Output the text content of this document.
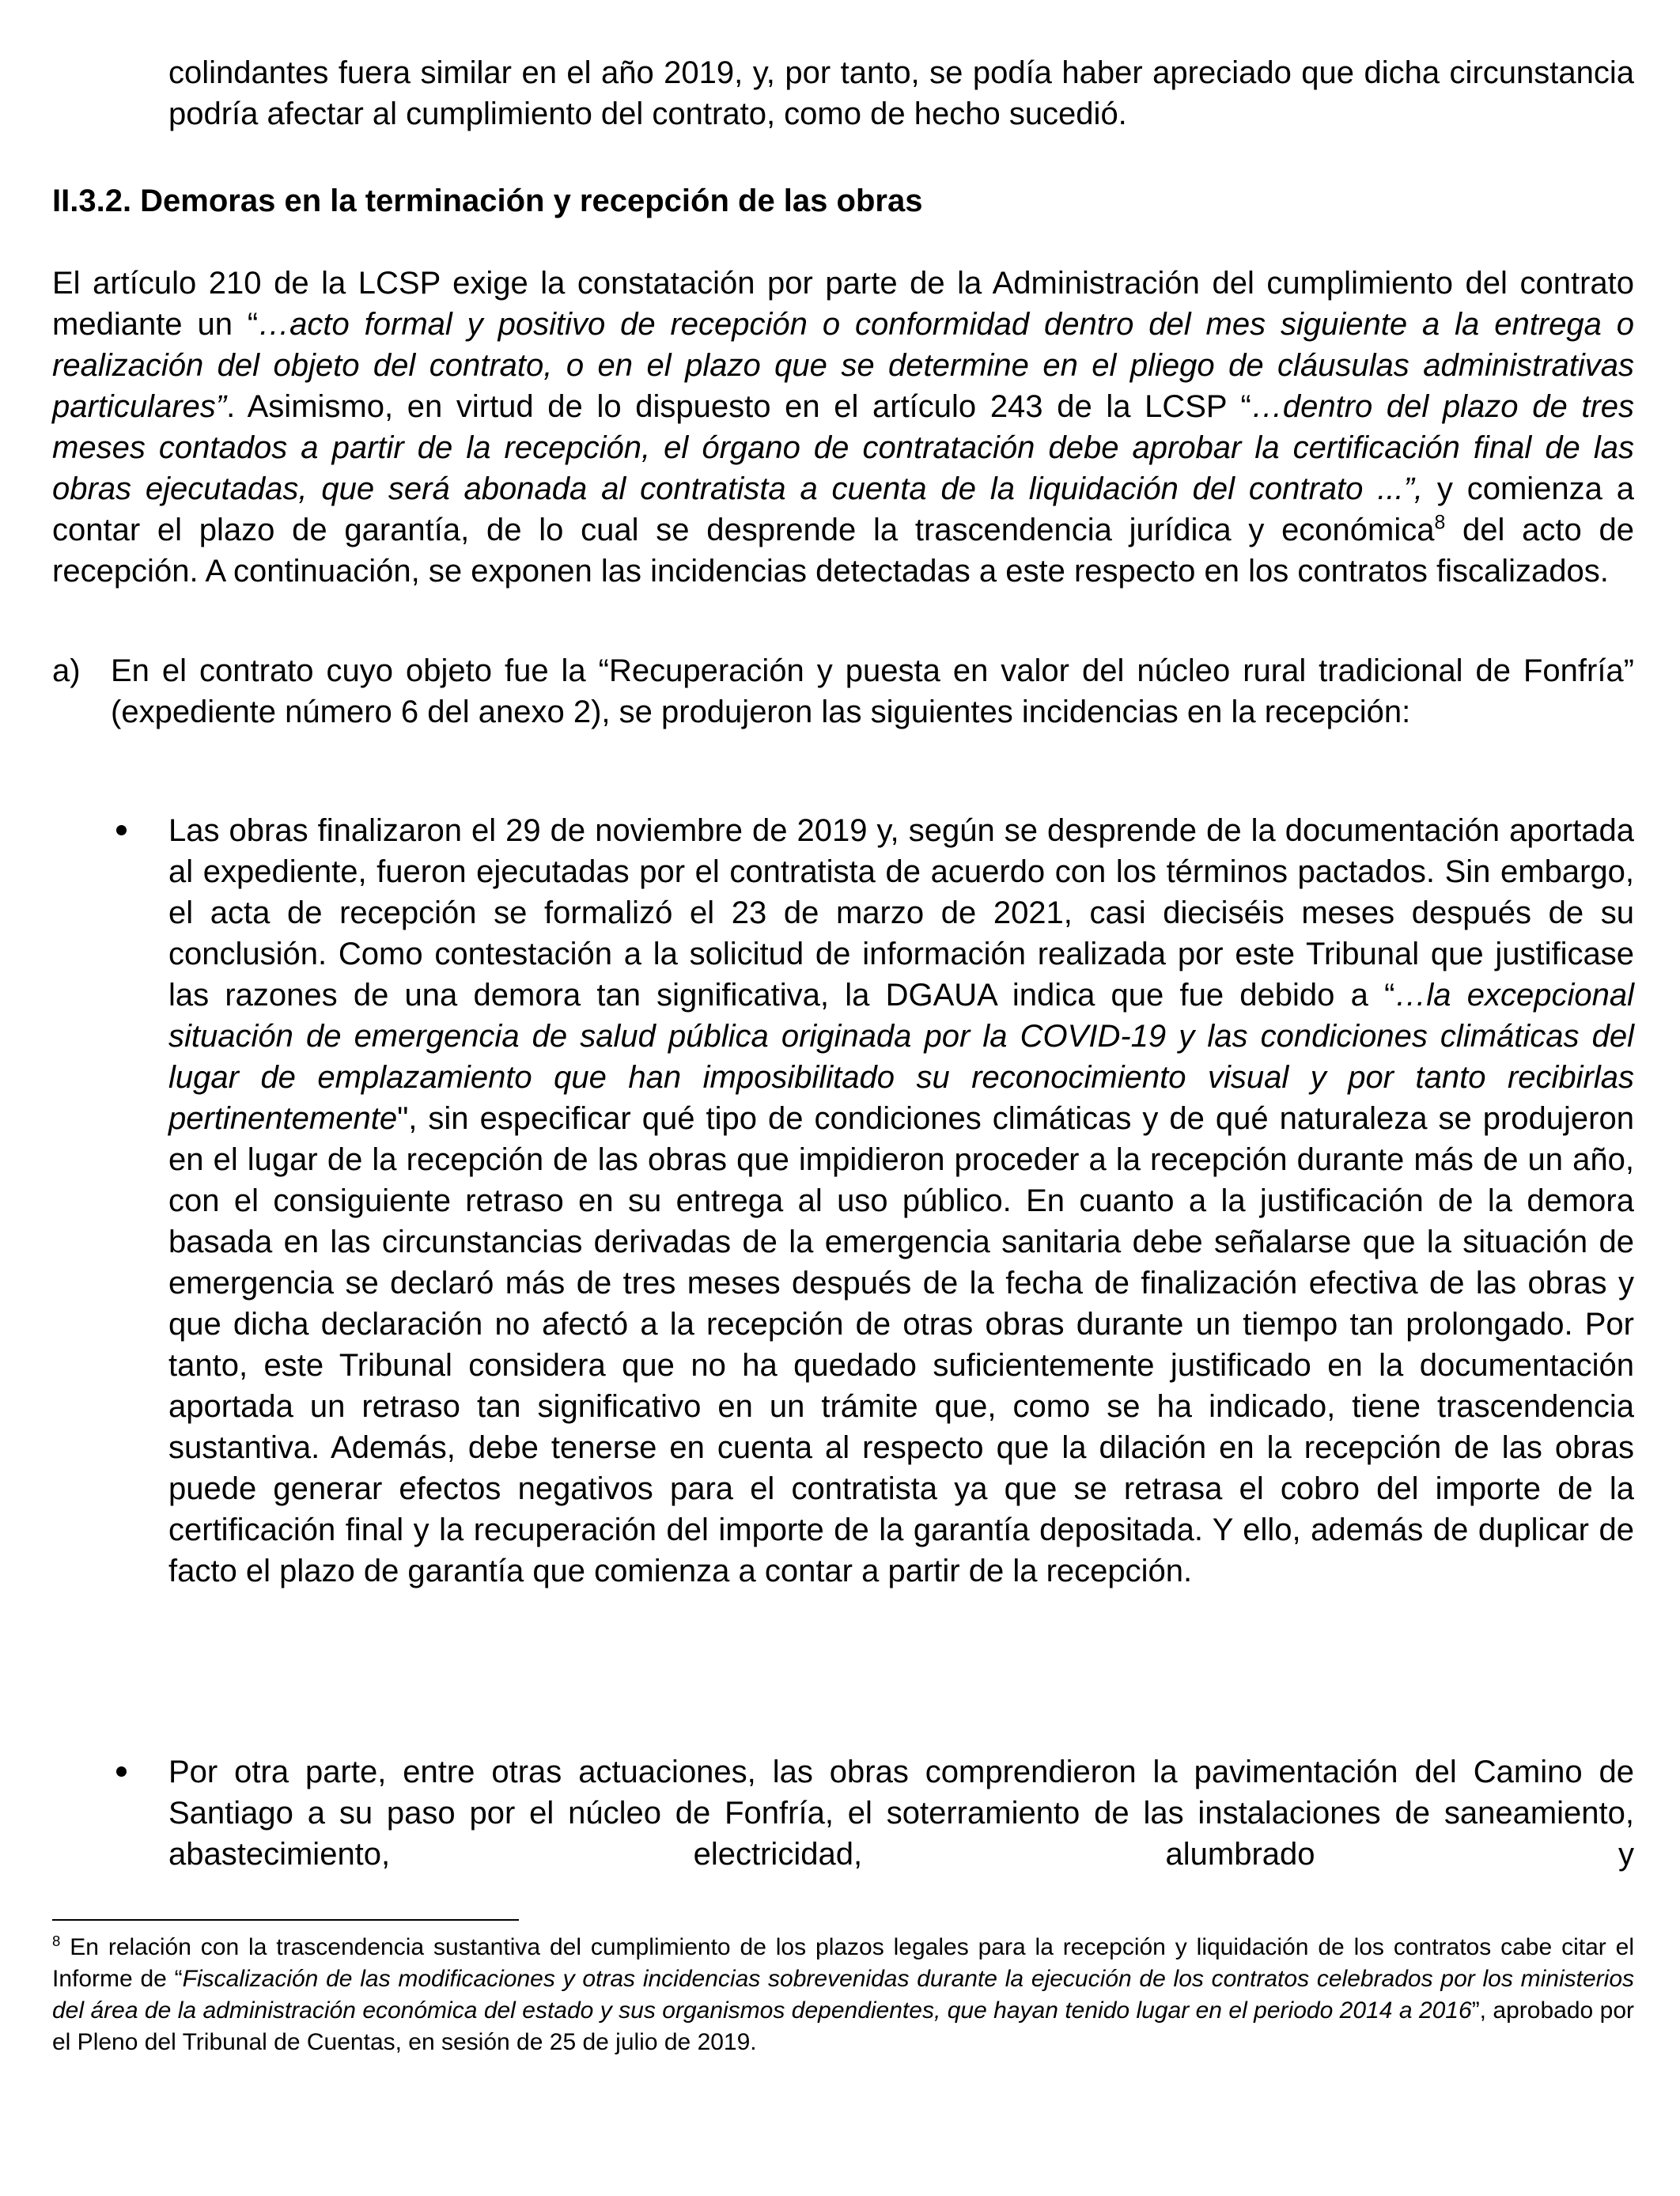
colindantes fuera similar en el año 2019, y, por tanto, se podía haber apreciado que dicha circunstancia podría afectar al cumplimiento del contrato, como de hecho sucedió.

II.3.2. Demoras en la terminación y recepción de las obras

El artículo 210 de la LCSP exige la constatación por parte de la Administración del cumplimiento del contrato mediante un “…acto formal y positivo de recepción o conformidad dentro del mes siguiente a la entrega o realización del objeto del contrato, o en el plazo que se determine en el pliego de cláusulas administrativas particulares”. Asimismo, en virtud de lo dispuesto en el artículo 243 de la LCSP “…dentro del plazo de tres meses contados a partir de la recepción, el órgano de contratación debe aprobar la certificación final de las obras ejecutadas, que será abonada al contratista a cuenta de la liquidación del contrato ...”, y comienza a contar el plazo de garantía, de lo cual se desprende la trascendencia jurídica y económica$^8$ del acto de recepción. A continuación, se exponen las incidencias detectadas a este respecto en los contratos fiscalizados.

a) En el contrato cuyo objeto fue la “Recuperación y puesta en valor del núcleo rural tradicional de Fonfría” (expediente número 6 del anexo 2), se produjeron las siguientes incidencias en la recepción:

Las obras finalizaron el 29 de noviembre de 2019 y, según se desprende de la documentación aportada al expediente, fueron ejecutadas por el contratista de acuerdo con los términos pactados. Sin embargo, el acta de recepción se formalizó el 23 de marzo de 2021, casi dieciséis meses después de su conclusión. Como contestación a la solicitud de información realizada por este Tribunal que justificase las razones de una demora tan significativa, la DGAUA indica que fue debido a “…la excepcional situación de emergencia de salud pública originada por la COVID-19 y las condiciones climáticas del lugar de emplazamiento que han imposibilitado su reconocimiento visual y por tanto recibirlas pertinentemente", sin especificar qué tipo de condiciones climáticas y de qué naturaleza se produjeron en el lugar de la recepción de las obras que impidieron proceder a la recepción durante más de un año, con el consiguiente retraso en su entrega al uso público. En cuanto a la justificación de la demora basada en las circunstancias derivadas de la emergencia sanitaria debe señalarse que la situación de emergencia se declaró más de tres meses después de la fecha de finalización efectiva de las obras y que dicha declaración no afectó a la recepción de otras obras durante un tiempo tan prolongado. Por tanto, este Tribunal considera que no ha quedado suficientemente justificado en la documentación aportada un retraso tan significativo en un trámite que, como se ha indicado, tiene trascendencia sustantiva. Además, debe tenerse en cuenta al respecto que la dilación en la recepción de las obras puede generar efectos negativos para el contratista ya que se retrasa el cobro del importe de la certificación final y la recuperación del importe de la garantía depositada. Y ello, además de duplicar de facto el plazo de garantía que comienza a contar a partir de la recepción.

Por otra parte, entre otras actuaciones, las obras comprendieron la pavimentación del Camino de Santiago a su paso por el núcleo de Fonfría, el soterramiento de las instalaciones de saneamiento, abastecimiento, electricidad, alumbrado y

$^8$ En relación con la trascendencia sustantiva del cumplimiento de los plazos legales para la recepción y liquidación de los contratos cabe citar el Informe de “Fiscalización de las modificaciones y otras incidencias sobrevenidas durante la ejecución de los contratos celebrados por los ministerios del área de la administración económica del estado y sus organismos dependientes, que hayan tenido lugar en el periodo 2014 a 2016”, aprobado por el Pleno del Tribunal de Cuentas, en sesión de 25 de julio de 2019.
